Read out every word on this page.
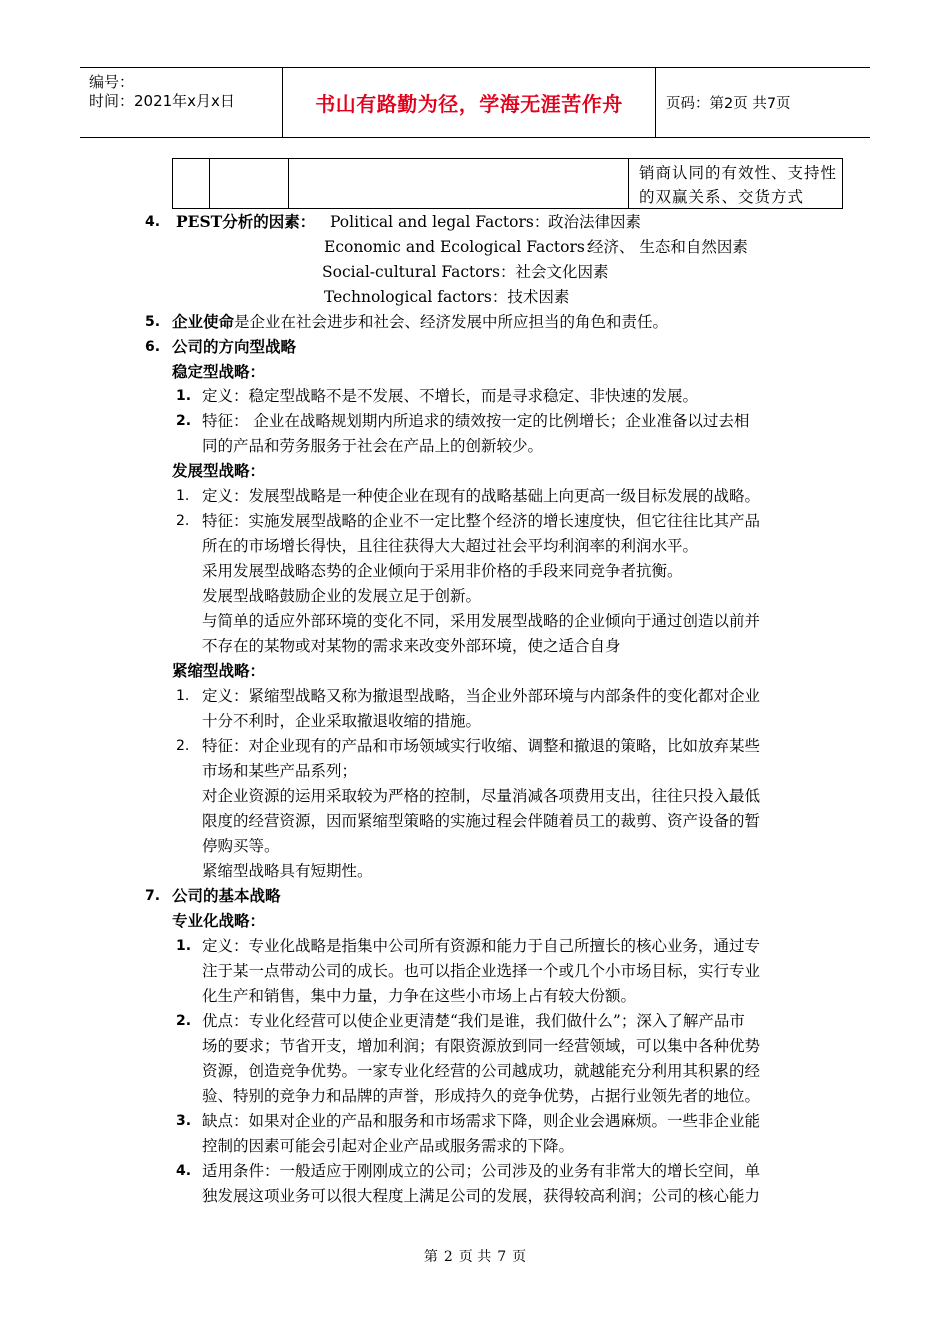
编号：
时间：2021年x月x日	书山有路勤为径，学海无涯苦作舟	页码：第2页 共7页
销商认同的有效性、支持性的双赢关系、交货方式
4. PEST分析的因素： Political and legal Factors：
政治法律因素
Economic and Ecological Factors：
经济、 生态和自然因素
Social-cultural Factors：社会文化因素
Technological factors：技术因素
5. 企业使命是企业在社会进步和社会、经济发展中所应担当的角色和责任。
6. 公司的方向型战略
稳定型战略：
1. 定义：稳定型战略不是不发展、不增长，而是寻求稳定、非快速的发展。
2. 特征： 企业在战略规划期内所追求的绩效按一定的比例增长；企业准备以过去相
同的产品和劳务服务于社会在产品上的创新较少。
发展型战略：
1. 定义：发展型战略是一种使企业在现有的战略基础上向更高一级目标发展的战略。
2. 特征：实施发展型战略的企业不一定比整个经济的增长速度快，但它往往比其产品
所在的市场增长得快，且往往获得大大超过社会平均利润率的利润水平。
采用发展型战略态势的企业倾向于采用非价格的手段来同竞争者抗衡。
发展型战略鼓励企业的发展立足于创新。
与简单的适应外部环境的变化不同，采用发展型战略的企业倾向于通过创造以前并
不存在的某物或对某物的需求来改变外部环境，使之适合自身
紧缩型战略：
1. 定义：紧缩型战略又称为撤退型战略，当企业外部环境与内部条件的变化都对企业
十分不利时，企业采取撤退收缩的措施。
2. 特征：对企业现有的产品和市场领域实行收缩、调整和撤退的策略，比如放弃某些
市场和某些产品系列；
对企业资源的运用采取较为严格的控制，尽量消减各项费用支出，往往只投入最低
限度的经营资源，因而紧缩型策略的实施过程会伴随着员工的裁剪、资产设备的暂
停购买等。
紧缩型战略具有短期性。
7. 公司的基本战略
专业化战略：
1. 定义：专业化战略是指集中公司所有资源和能力于自己所擅长的核心业务，通过专
注于某一点带动公司的成长。也可以指企业选择一个或几个小市场目标，实行专业
化生产和销售，集中力量，力争在这些小市场上占有较大份额。
2. 优点：专业化经营可以使企业更清楚“我们是谁，我们做什么”；深入了解产品市
场的要求；节省开支，增加利润；有限资源放到同一经营领域，可以集中各种优势
资源，创造竞争优势。一家专业化经营的公司越成功，就越能充分利用其积累的经
验、特别的竞争力和品牌的声誉，形成持久的竞争优势，占据行业领先者的地位。
3. 缺点：如果对企业的产品和服务和市场需求下降，则企业会遇麻烦。一些非企业能
控制的因素可能会引起对企业产品或服务需求的下降。
4. 适用条件：一般适应于刚刚成立的公司；公司涉及的业务有非常大的增长空间，单
独发展这项业务可以很大程度上满足公司的发展，获得较高利润；公司的核心能力
第 2 页 共 7 页
